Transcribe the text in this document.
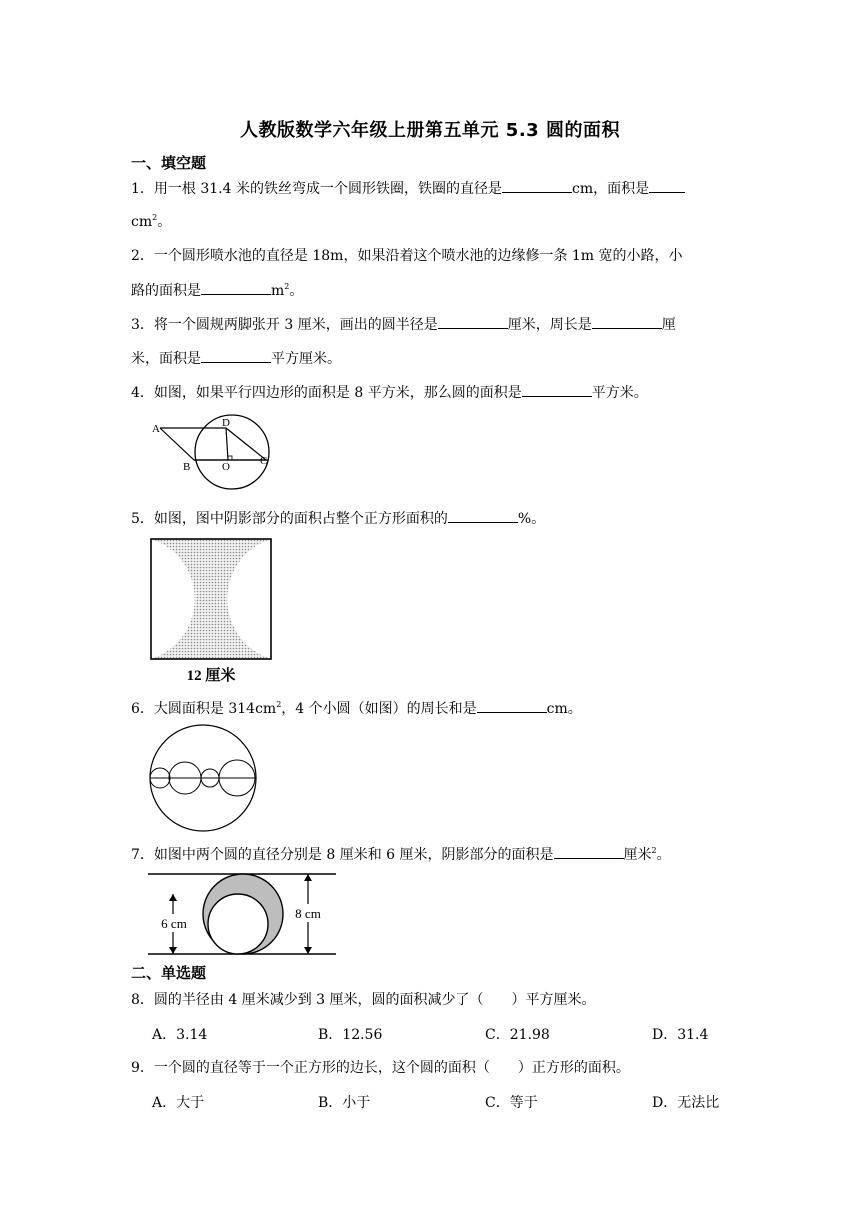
人教版数学六年级上册第五单元 5.3 圆的面积
一、填空题
1．用一根 31.4 米的铁丝弯成一个圆形铁圈，铁圈的直径是	cm，面积是
$cm^2$。
2．一个圆形喷水池的直径是 18m，如果沿着这个喷水池的边缘修一条 1m 宽的小路，小
路的面积是	$m^2$。
3．将一个圆规两脚张开 3 厘米，画出的圆半径是	厘米，周长是	厘
米，面积是	平方厘米。
4．如图，如果平行四边形的面积是 8 平方米，那么圆的面积是	平方米。
A
B
D
O	C
5．如图，图中阴影部分的面积占整个正方形面积的	%。
12 厘米
6．大圆面积是 $314cm^2$，4 个小圆（如图）的周长和是	cm。
7．如图中两个圆的直径分别是 8 厘米和 6 厘米，阴影部分的面积是	厘米$^2$。
6 cm
8 cm
二、单选题
8．圆的半径由 4 厘米减少到 3 厘米，圆的面积减少了（　　）平方厘米。
A．3.14	B．12.56	C．21.98	D．31.4
9．一个圆的直径等于一个正方形的边长，这个圆的面积（　　）正方形的面积。
A．大于	B．小于	C．等于	D．无法比
